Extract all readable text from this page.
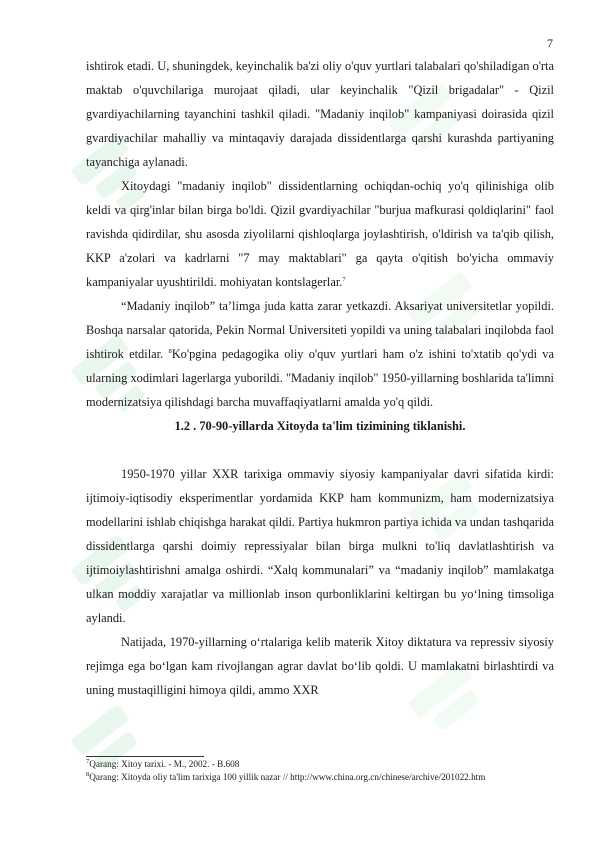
7

ishtirok etadi. U, shuningdek, keyinchalik ba'zi oliy o'quv yurtlari talabalari qo'shiladigan o'rta maktab o'quvchilariga murojaat qiladi, ular keyinchalik "Qizil brigadalar" - Qizil gvardiyachilarning tayanchini tashkil qiladi. "Madaniy inqilob" kampaniyasi doirasida qizil gvardiyachilar mahalliy va mintaqaviy darajada dissidentlarga qarshi kurashda partiyaning tayanchiga aylanadi.

Xitoydagi "madaniy inqilob" dissidentlarning ochiqdan-ochiq yo'q qilinishiga olib keldi va qirg'inlar bilan birga bo'ldi. Qizil gvardiyachilar "burjua mafkurasi qoldiqlarini" faol ravishda qidirdilar, shu asosda ziyolilarni qishloqlarga joylashtirish, o'ldirish va ta'qib qilish, KKP a'zolari va kadrlarni "7 may maktablari" ga qayta o'qitish bo'yicha ommaviy kampaniyalar uyushtirildi. mohiyatan kontslagerlar.$^7$

“Madaniy inqilob” ta’limga juda katta zarar yetkazdi. Aksariyat universitetlar yopildi. Boshqa narsalar qatorida, Pekin Normal Universiteti yopildi va uning talabalari inqilobda faol ishtirok etdilar. $^8$Ko'pgina pedagogika oliy o'quv yurtlari ham o'z ishini to'xtatib qo'ydi va ularning xodimlari lagerlarga yuborildi. "Madaniy inqilob" 1950-yillarning boshlarida ta'limni modernizatsiya qilishdagi barcha muvaffaqiyatlarni amalda yo'q qildi.

1.2 . 70-90-yillarda Xitoyda ta'lim tizimining tiklanishi.

1950-1970 yillar XXR tarixiga ommaviy siyosiy kampaniyalar davri sifatida kirdi: ijtimoiy-iqtisodiy eksperimentlar yordamida KKP ham kommunizm, ham modernizatsiya modellarini ishlab chiqishga harakat qildi. Partiya hukmron partiya ichida va undan tashqarida dissidentlarga qarshi doimiy repressiyalar bilan birga mulkni to'liq davlatlashtirish va ijtimoiylashtirishni amalga oshirdi. “Xalq kommunalari” va “madaniy inqilob” mamlakatga ulkan moddiy xarajatlar va millionlab inson qurbonliklarini keltirgan bu yo‘lning timsoliga aylandi.

Natijada, 1970-yillarning o‘rtalariga kelib materik Xitoy diktatura va repressiv siyosiy rejimga ega bo‘lgan kam rivojlangan agrar davlat bo‘lib qoldi. U mamlakatni birlashtirdi va uning mustaqilligini himoya qildi, ammo XXR

$^7$Qarang: Xitoy tarixi. - M., 2002. - B.608

$^8$Qarang: Xitoyda oliy ta'lim tarixiga 100 yillik nazar // http://www.china.org.cn/chinese/archive/201022.htm
